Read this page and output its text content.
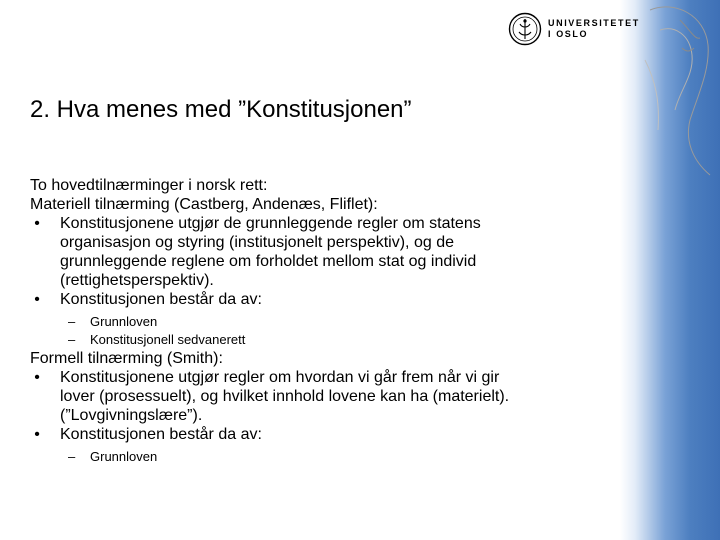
UNIVERSITETET
I OSLO
2. Hva menes med ”Konstitusjonen”
To hovedtilnærminger i norsk rett:
Materiell tilnærming (Castberg, Andenæs, Fliflet):
• Konstitusjonene utgjør de grunnleggende regler om statens
organisasjon og styring (institusjonelt perspektiv), og de
grunnleggende reglene om forholdet mellom stat og individ
(rettighetsperspektiv).
• Konstitusjonen består da av:
– Grunnloven
– Konstitusjonell sedvanerett
Formell tilnærming (Smith):
• Konstitusjonene utgjør regler om hvordan vi går frem når vi gir
lover (prosessuelt), og hvilket innhold lovene kan ha (materielt).
(”Lovgivningslære”).
• Konstitusjonen består da av:
– Grunnloven
